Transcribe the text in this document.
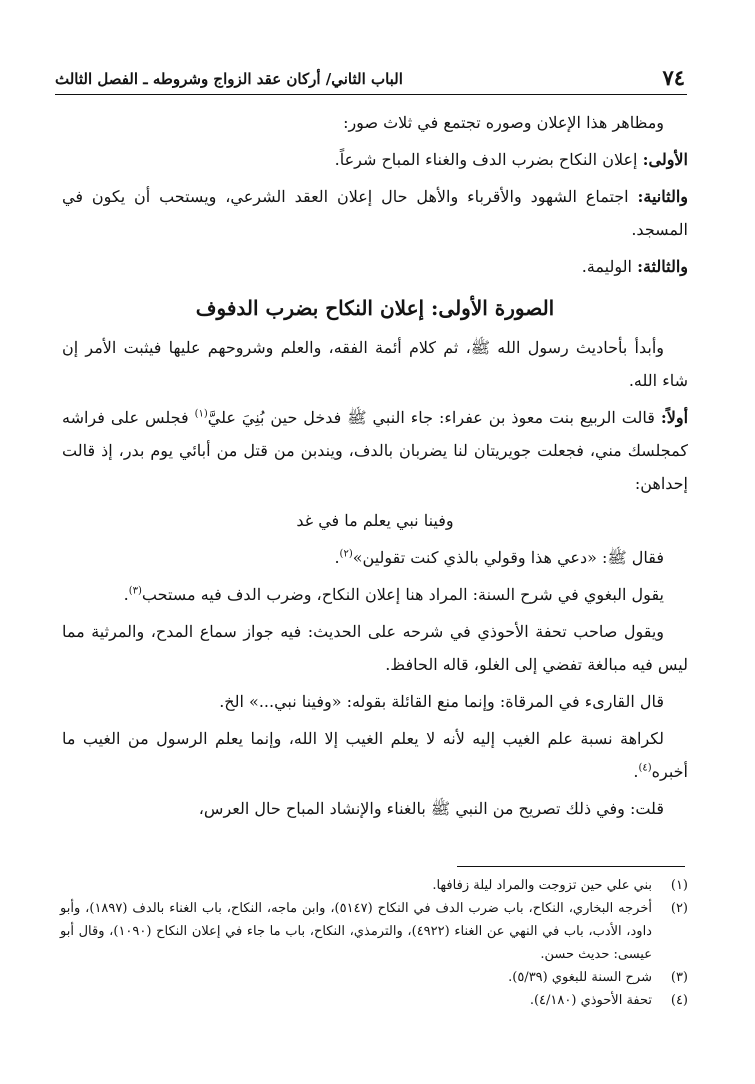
٧٤
الباب الثاني/ أركان عقد الزواج وشروطه ـ الفصل الثالث

ومظاهر هذا الإعلان وصوره تجتمع في ثلاث صور:

الأولى: إعلان النكاح بضرب الدف والغناء المباح شرعاً.

والثانية: اجتماع الشهود والأقرباء والأهل حال إعلان العقد الشرعي، ويستحب أن يكون في المسجد.

والثالثة: الوليمة.

الصورة الأولى: إعلان النكاح بضرب الدفوف

وأبدأ بأحاديث رسول الله ﷺ، ثم كلام أئمة الفقه، والعلم وشروحهم عليها فيثبت الأمر إن شاء الله.

أولاً: قالت الربيع بنت معوذ بن عفراء: جاء النبي ﷺ فدخل حين بُنِيَ عليَّ$^{(١)}$ فجلس على فراشه كمجلسك مني، فجعلت جويريتان لنا يضربان بالدف، ويندبن من قتل من أبائي يوم بدر، إذ قالت إحداهن:

وفينا نبي يعلم ما في غد

فقال ﷺ: «دعي هذا وقولي بالذي كنت تقولين»$^{(٢)}$.

يقول البغوي في شرح السنة: المراد هنا إعلان النكاح، وضرب الدف فيه مستحب$^{(٣)}$.

ويقول صاحب تحفة الأحوذي في شرحه على الحديث: فيه جواز سماع المدح، والمرثية مما ليس فيه مبالغة تفضي إلى الغلو، قاله الحافظ.

قال القارىء في المرقاة: وإنما منع القائلة بقوله: «وفينا نبي...» الخ.

لكراهة نسبة علم الغيب إليه لأنه لا يعلم الغيب إلا الله، وإنما يعلم الرسول من الغيب ما أخبره$^{(٤)}$.

قلت: وفي ذلك تصريح من النبي ﷺ بالغناء والإنشاد المباح حال العرس،

(١)
بني علي حين تزوجت والمراد ليلة زفافها.
(٢)
أخرجه البخاري، النكاح، باب ضرب الدف في النكاح (٥١٤٧)، وابن ماجه، النكاح، باب الغناء بالدف (١٨٩٧)، وأبو داود، الأدب، باب في النهي عن الغناء (٤٩٢٢)، والترمذي، النكاح، باب ما جاء في إعلان النكاح (١٠٩٠)، وقال أبو عيسى: حديث حسن.
(٣)
شرح السنة للبغوي (٥/٣٩).
(٤)
تحفة الأحوذي (٤/١٨٠).
